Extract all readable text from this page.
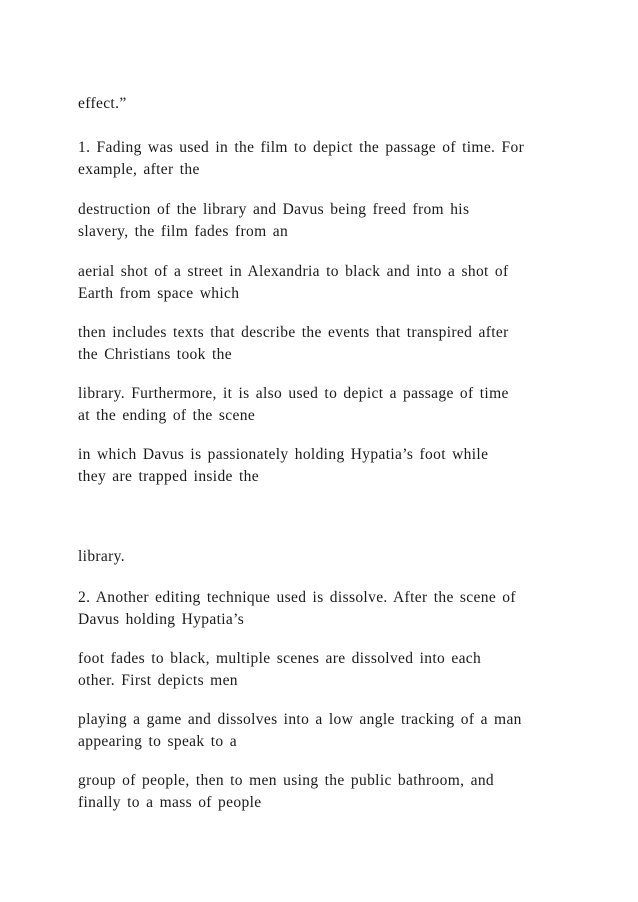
effect.”
1. Fading was used in the film to depict the passage of time. For
example, after the
destruction of the library and Davus being freed from his
slavery, the film fades from an
aerial shot of a street in Alexandria to black and into a shot of
Earth from space which
then includes texts that describe the events that transpired after
the Christians took the
library. Furthermore, it is also used to depict a passage of time
at the ending of the scene
in which Davus is passionately holding Hypatia’s foot while
they are trapped inside the
library.
2. Another editing technique used is dissolve. After the scene of
Davus holding Hypatia’s
foot fades to black, multiple scenes are dissolved into each
other. First depicts men
playing a game and dissolves into a low angle tracking of a man
appearing to speak to a
group of people, then to men using the public bathroom, and
finally to a mass of people
